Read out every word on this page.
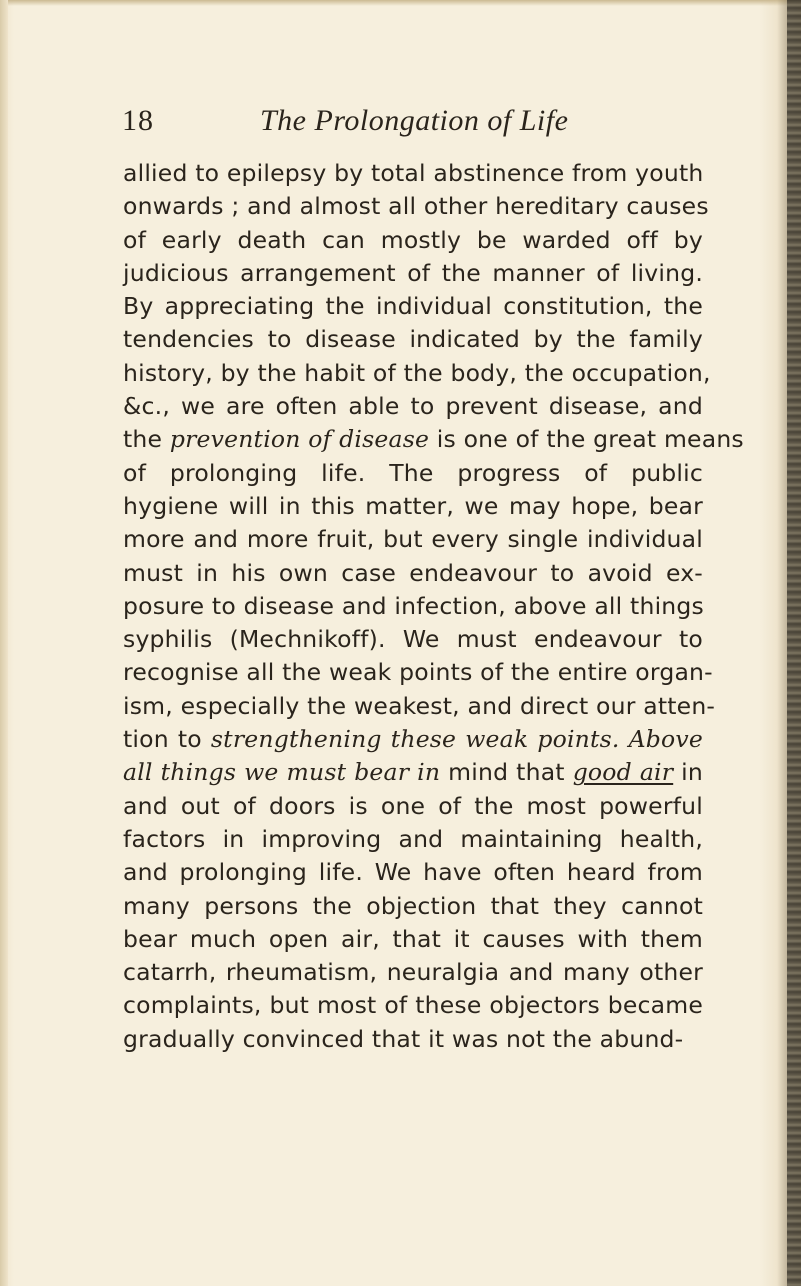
18	The Prolongation of Life
allied to epilepsy by total abstinence from youth
onwards ; and almost all other hereditary causes
of early death can mostly be warded off by
judicious arrangement of the manner of living.
By appreciating the individual constitution, the
tendencies to disease indicated by the family
history, by the habit of the body, the occupation,
&c., we are often able to prevent disease, and
the prevention of disease is one of the great means
of prolonging life. The progress of public
hygiene will in this matter, we may hope, bear
more and more fruit, but every single individual
must in his own case endeavour to avoid ex-
posure to disease and infection, above all things
syphilis (Mechnikoff). We must endeavour to
recognise all the weak points of the entire organ-
ism, especially the weakest, and direct our atten-
tion to strengthening these weak points. Above
all things we must bear in mind that good air in
and out of doors is one of the most powerful
factors in improving and maintaining health,
and prolonging life. We have often heard from
many persons the objection that they cannot
bear much open air, that it causes with them
catarrh, rheumatism, neuralgia and many other
complaints, but most of these objectors became
gradually convinced that it was not the abund-
